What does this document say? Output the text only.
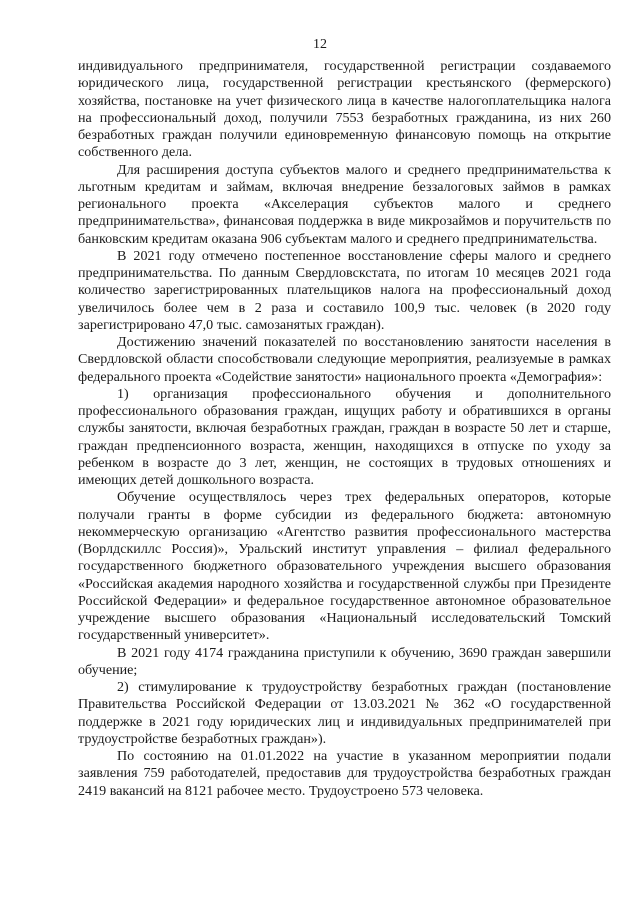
12

индивидуального предпринимателя, государственной регистрации создаваемого юридического лица, государственной регистрации крестьянского (фермерского) хозяйства, постановке на учет физического лица в качестве налогоплательщика налога на профессиональный доход, получили 7553 безработных гражданина, из них 260 безработных граждан получили единовременную финансовую помощь на открытие собственного дела.

Для расширения доступа субъектов малого и среднего предпринимательства к льготным кредитам и займам, включая внедрение беззалоговых займов в рамках регионального проекта «Акселерация субъектов малого и среднего предпринимательства», финансовая поддержка в виде микрозаймов и поручительств по банковским кредитам оказана 906 субъектам малого и среднего предпринимательства.

В 2021 году отмечено постепенное восстановление сферы малого и среднего предпринимательства. По данным Свердловскстата, по итогам 10 месяцев 2021 года количество зарегистрированных плательщиков налога на профессиональный доход увеличилось более чем в 2 раза и составило 100,9 тыс. человек (в 2020 году зарегистрировано 47,0 тыс. самозанятых граждан).

Достижению значений показателей по восстановлению занятости населения в Свердловской области способствовали следующие мероприятия, реализуемые в рамках федерального проекта «Содействие занятости» национального проекта «Демография»:

1) организация профессионального обучения и дополнительного профессионального образования граждан, ищущих работу и обратившихся в органы службы занятости, включая безработных граждан, граждан в возрасте 50 лет и старше, граждан предпенсионного возраста, женщин, находящихся в отпуске по уходу за ребенком в возрасте до 3 лет, женщин, не состоящих в трудовых отношениях и имеющих детей дошкольного возраста.

Обучение осуществлялось через трех федеральных операторов, которые получали гранты в форме субсидии из федерального бюджета: автономную некоммерческую организацию «Агентство развития профессионального мастерства (Ворлдскиллс Россия)», Уральский институт управления – филиал федерального государственного бюджетного образовательного учреждения высшего образования «Российская академия народного хозяйства и государственной службы при Президенте Российской Федерации» и федеральное государственное автономное образовательное учреждение высшего образования «Национальный исследовательский Томский государственный университет».

В 2021 году 4174 гражданина приступили к обучению, 3690 граждан завершили обучение;

2) стимулирование к трудоустройству безработных граждан (постановление Правительства Российской Федерации от 13.03.2021 № 362 «О государственной поддержке в 2021 году юридических лиц и индивидуальных предпринимателей при трудоустройстве безработных граждан»).

По состоянию на 01.01.2022 на участие в указанном мероприятии подали заявления 759 работодателей, предоставив для трудоустройства безработных граждан 2419 вакансий на 8121 рабочее место. Трудоустроено 573 человека.
